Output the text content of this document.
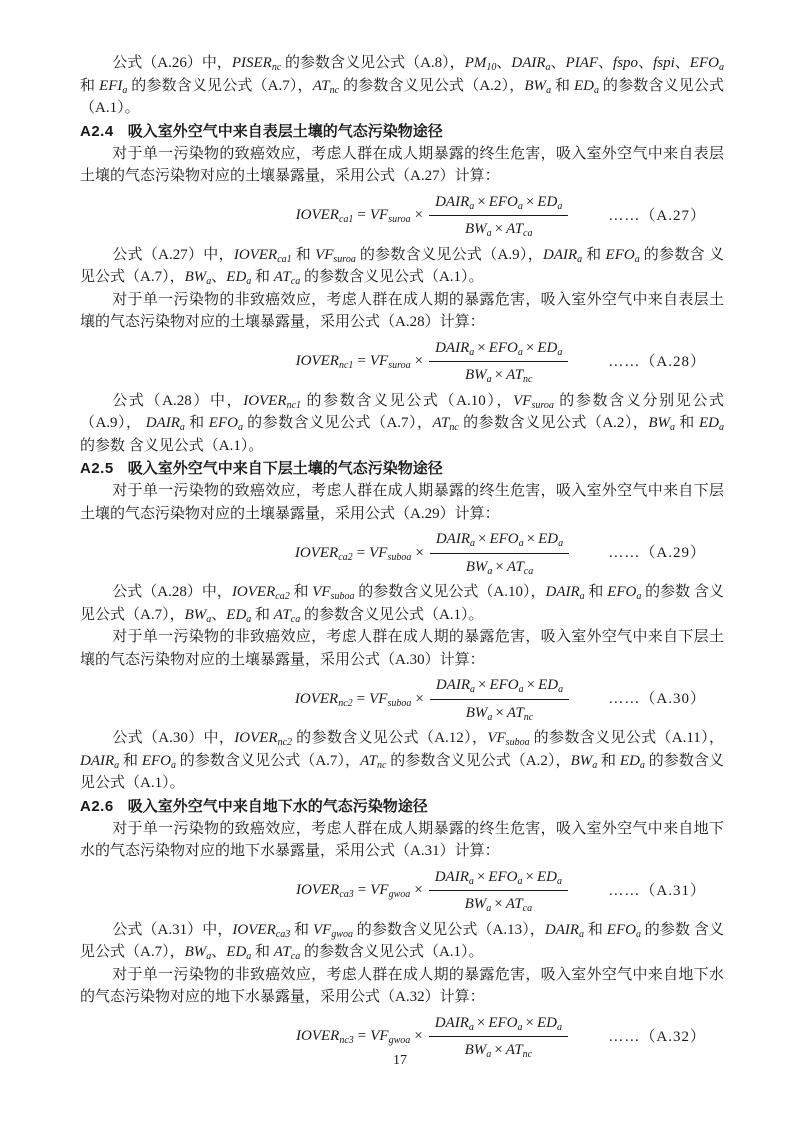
公式（A.26）中，$PISER_{nc}$ 的参数含义见公式（A.8），$PM_{10}$、$DAIR_a$、PIAF、fspo、fspi、$EFO_a$ 和 $EFI_a$ 的参数含义见公式（A.7），$AT_{nc}$ 的参数含义见公式（A.2），$BW_a$ 和 $ED_a$ 的参数含义见公式（A.1）。

A2.4 吸入室外空气中来自表层土壤的气态污染物途径

对于单一污染物的致癌效应，考虑人群在成人期暴露的终生危害，吸入室外空气中来自表层土壤的气态污染物对应的土壤暴露量，采用公式（A.27）计算：

$IOVER_{ca1} = VF_{suroa} \times \frac{DAIR_a \times EFO_a \times ED_a}{BW_a \times AT_{ca}}$	……（A.27）

公式（A.27）中，$IOVER_{ca1}$ 和 $VF_{suroa}$ 的参数含义见公式（A.9），$DAIR_a$ 和 $EFO_a$ 的参数含 义见公式（A.7），$BW_a$、$ED_a$ 和 $AT_{ca}$ 的参数含义见公式（A.1）。

对于单一污染物的非致癌效应，考虑人群在成人期的暴露危害，吸入室外空气中来自表层土壤的气态污染物对应的土壤暴露量，采用公式（A.28）计算：

$IOVER_{nc1} = VF_{suroa} \times \frac{DAIR_a \times EFO_a \times ED_a}{BW_a \times AT_{nc}}$	……（A.28）

公式（A.28）中，$IOVER_{nc1}$ 的参数含义见公式（A.10），$VF_{suroa}$ 的参数含义分别见公式（A.9）， $DAIR_a$ 和 $EFO_a$ 的参数含义见公式（A.7），$AT_{nc}$ 的参数含义见公式（A.2），$BW_a$ 和 $ED_a$ 的参数 含义见公式（A.1）。

A2.5 吸入室外空气中来自下层土壤的气态污染物途径

对于单一污染物的致癌效应，考虑人群在成人期暴露的终生危害，吸入室外空气中来自下层土壤的气态污染物对应的土壤暴露量，采用公式（A.29）计算：

$IOVER_{ca2} = VF_{suboa} \times \frac{DAIR_a \times EFO_a \times ED_a}{BW_a \times AT_{ca}}$	……（A.29）

公式（A.28）中，$IOVER_{ca2}$ 和 $VF_{suboa}$ 的参数含义见公式（A.10），$DAIR_a$ 和 $EFO_a$ 的参数 含义见公式（A.7），$BW_a$、$ED_a$ 和 $AT_{ca}$ 的参数含义见公式（A.1）。

对于单一污染物的非致癌效应，考虑人群在成人期的暴露危害，吸入室外空气中来自下层土壤的气态污染物对应的土壤暴露量，采用公式（A.30）计算：

$IOVER_{nc2} = VF_{suboa} \times \frac{DAIR_a \times EFO_a \times ED_a}{BW_a \times AT_{nc}}$	……（A.30）

公式（A.30）中，$IOVER_{nc2}$ 的参数含义见公式（A.12），$VF_{suboa}$ 的参数含义见公式（A.11），$DAIR_a$ 和 $EFO_a$ 的参数含义见公式（A.7），$AT_{nc}$ 的参数含义见公式（A.2），$BW_a$ 和 $ED_a$ 的参数含义见公式（A.1）。

A2.6 吸入室外空气中来自地下水的气态污染物途径

对于单一污染物的致癌效应，考虑人群在成人期暴露的终生危害，吸入室外空气中来自地下水的气态污染物对应的地下水暴露量，采用公式（A.31）计算：

$IOVER_{ca3} = VF_{gwoa} \times \frac{DAIR_a \times EFO_a \times ED_a}{BW_a \times AT_{ca}}$	……（A.31）

公式（A.31）中，$IOVER_{ca3}$ 和 $VF_{gwoa}$ 的参数含义见公式（A.13），$DAIR_a$ 和 $EFO_a$ 的参数 含义见公式（A.7），$BW_a$、$ED_a$ 和 $AT_{ca}$ 的参数含义见公式（A.1）。

对于单一污染物的非致癌效应，考虑人群在成人期的暴露危害，吸入室外空气中来自地下水的气态污染物对应的地下水暴露量，采用公式（A.32）计算：

$IOVER_{nc3} = VF_{gwoa} \times \frac{DAIR_a \times EFO_a \times ED_a}{BW_a \times AT_{nc}}$	……（A.32）
17
